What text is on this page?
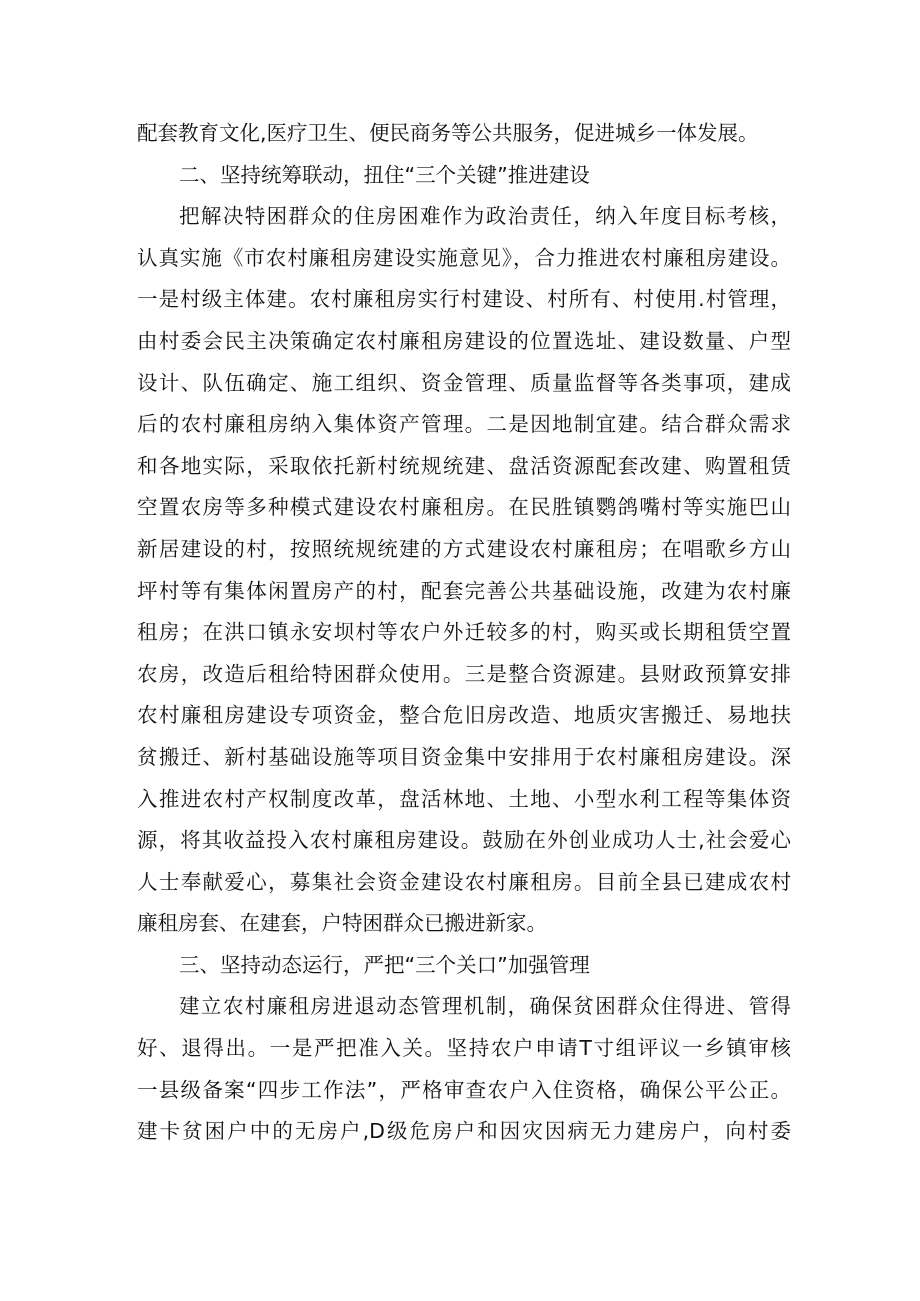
配套教育文化,医疗卫生、便民商务等公共服务，促进城乡一体发展。
二、坚持统筹联动，扭住“三个关键”推进建设
把解决特困群众的住房困难作为政治责任，纳入年度目标考核，
认真实施《市农村廉租房建设实施意见》，合力推进农村廉租房建设。
一是村级主体建。农村廉租房实行村建设、村所有、村使用.村管理，
由村委会民主决策确定农村廉租房建设的位置选址、建设数量、户型
设计、队伍确定、施工组织、资金管理、质量监督等各类事项，建成
后的农村廉租房纳入集体资产管理。二是因地制宜建。结合群众需求
和各地实际，采取依托新村统规统建、盘活资源配套改建、购置租赁
空置农房等多种模式建设农村廉租房。在民胜镇鹦鸽嘴村等实施巴山
新居建设的村，按照统规统建的方式建设农村廉租房；在唱歌乡方山
坪村等有集体闲置房产的村，配套完善公共基础设施，改建为农村廉
租房；在洪口镇永安坝村等农户外迁较多的村，购买或长期租赁空置
农房，改造后租给特困群众使用。三是整合资源建。县财政预算安排
农村廉租房建设专项资金，整合危旧房改造、地质灾害搬迁、易地扶
贫搬迁、新村基础设施等项目资金集中安排用于农村廉租房建设。深
入推进农村产权制度改革，盘活林地、土地、小型水利工程等集体资
源，将其收益投入农村廉租房建设。鼓励在外创业成功人士,社会爱心
人士奉献爱心，募集社会资金建设农村廉租房。目前全县已建成农村
廉租房套、在建套，户特困群众已搬进新家。
三、坚持动态运行，严把“三个关口”加强管理
建立农村廉租房进退动态管理机制，确保贫困群众住得进、管得
好、退得出。一是严把准入关。坚持农户申请T寸组评议一乡镇审核
一县级备案“四步工作法”，严格审查农户入住资格，确保公平公正。
建卡贫困户中的无房户,D级危房户和因灾因病无力建房户，向村委
